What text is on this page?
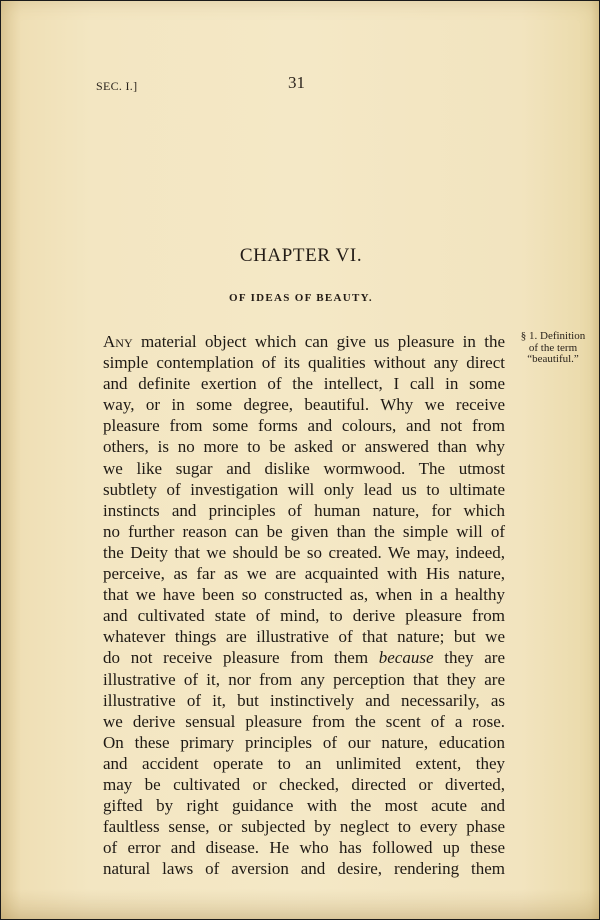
SEC. I.]	31
CHAPTER VI.
OF IDEAS OF BEAUTY.
§ 1. Definition
of the term
“beautiful.”
Any material object which can give us pleasure in the
simple contemplation of its qualities without any direct
and definite exertion of the intellect, I call in some
way, or in some degree, beautiful. Why we receive
pleasure from some forms and colours, and not from
others, is no more to be asked or answered than why
we like sugar and dislike wormwood. The utmost
subtlety of investigation will only lead us to ultimate
instincts and principles of human nature, for which
no further reason can be given than the simple will of
the Deity that we should be so created. We may, indeed,
perceive, as far as we are acquainted with His nature,
that we have been so constructed as, when in a healthy
and cultivated state of mind, to derive pleasure from
whatever things are illustrative of that nature; but we
do not receive pleasure from them because they are
illustrative of it, nor from any perception that they are
illustrative of it, but instinctively and necessarily, as
we derive sensual pleasure from the scent of a rose.
On these primary principles of our nature, education
and accident operate to an unlimited extent, they
may be cultivated or checked, directed or diverted,
gifted by right guidance with the most acute and
faultless sense, or subjected by neglect to every phase
of error and disease. He who has followed up these
natural laws of aversion and desire, rendering them
